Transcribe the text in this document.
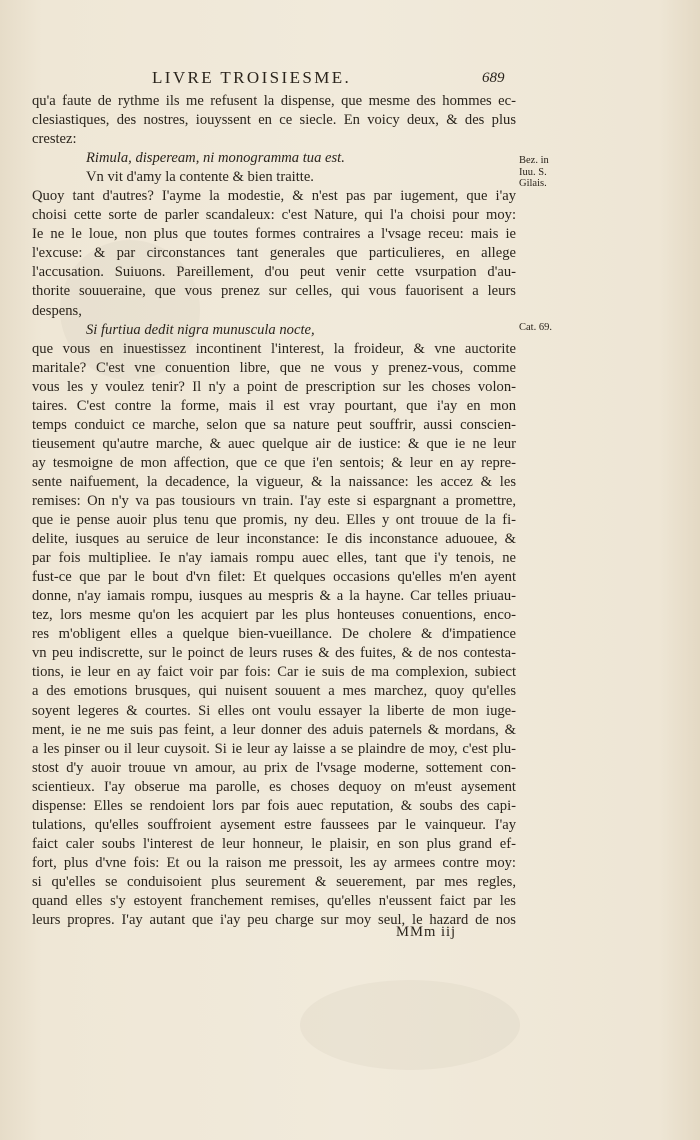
LIVRE TROISIESME.	689
qu'a faute de rythme ils me refusent la dispense, que mesme des hommes ec-
clesiastiques, des nostres, iouyssent en ce siecle. En voicy deux, & des plus
crestez:
Rimula, dispeream, ni monogramma tua est.
Vn vit d'amy la contente & bien traitte.
Quoy tant d'autres? I'ayme la modestie, & n'est pas par iugement, que i'ay
choisi cette sorte de parler scandaleux: c'est Nature, qui l'a choisi pour moy:
Ie ne le loue, non plus que toutes formes contraires a l'vsage receu: mais ie
l'excuse: & par circonstances tant generales que particulieres, en allege
l'accusation. Suiuons. Pareillement, d'ou peut venir cette vsurpation d'au-
thorite souueraine, que vous prenez sur celles, qui vous fauorisent a leurs
despens,
Si furtiua dedit nigra munuscula nocte,
que vous en inuestissez incontinent l'interest, la froideur, & vne auctorite
maritale? C'est vne conuention libre, que ne vous y prenez-vous, comme
vous les y voulez tenir? Il n'y a point de prescription sur les choses volon-
taires. C'est contre la forme, mais il est vray pourtant, que i'ay en mon
temps conduict ce marche, selon que sa nature peut souffrir, aussi conscien-
tieusement qu'autre marche, & auec quelque air de iustice: & que ie ne leur
ay tesmoigne de mon affection, que ce que i'en sentois; & leur en ay repre-
sente naifuement, la decadence, la vigueur, & la naissance: les accez & les
remises: On n'y va pas tousiours vn train. I'ay este si espargnant a promettre,
que ie pense auoir plus tenu que promis, ny deu. Elles y ont trouue de la fi-
delite, iusques au seruice de leur inconstance: Ie dis inconstance aduouee, &
par fois multipliee. Ie n'ay iamais rompu auec elles, tant que i'y tenois, ne
fust-ce que par le bout d'vn filet: Et quelques occasions qu'elles m'en ayent
donne, n'ay iamais rompu, iusques au mespris & a la hayne. Car telles priuau-
tez, lors mesme qu'on les acquiert par les plus honteuses conuentions, enco-
res m'obligent elles a quelque bien-vueillance. De cholere & d'impatience
vn peu indiscrette, sur le poinct de leurs ruses & des fuites, & de nos contesta-
tions, ie leur en ay faict voir par fois: Car ie suis de ma complexion, subiect
a des emotions brusques, qui nuisent souuent a mes marchez, quoy qu'elles
soyent legeres & courtes. Si elles ont voulu essayer la liberte de mon iuge-
ment, ie ne me suis pas feint, a leur donner des aduis paternels & mordans, &
a les pinser ou il leur cuysoit. Si ie leur ay laisse a se plaindre de moy, c'est plu-
stost d'y auoir trouue vn amour, au prix de l'vsage moderne, sottement con-
scientieux. I'ay obserue ma parolle, es choses dequoy on m'eust aysement
dispense: Elles se rendoient lors par fois auec reputation, & soubs des capi-
tulations, qu'elles souffroient aysement estre faussees par le vainqueur. I'ay
faict caler soubs l'interest de leur honneur, le plaisir, en son plus grand ef-
fort, plus d'vne fois: Et ou la raison me pressoit, les ay armees contre moy:
si qu'elles se conduisoient plus seurement & seuerement, par mes regles,
quand elles s'y estoyent franchement remises, qu'elles n'eussent faict par les
leurs propres. I'ay autant que i'ay peu charge sur moy seul, le hazard de nos
Bez. in
Iuu. S.
Gilais.
Cat. 69.
MMm iij
